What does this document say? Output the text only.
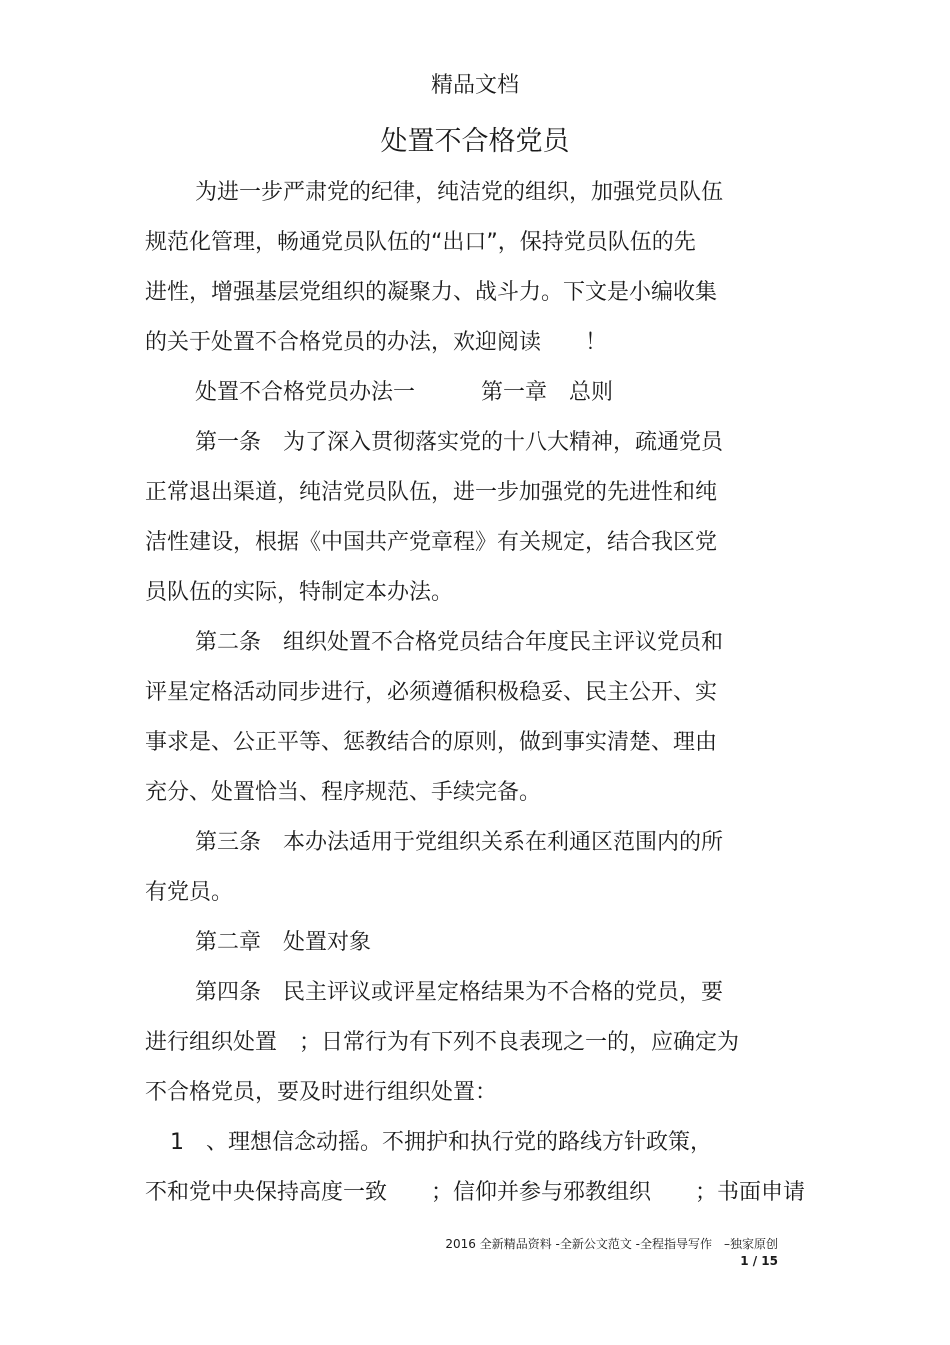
精品文档
处置不合格党员
为进一步严肃党的纪律，纯洁党的组织，加强党员队伍
规范化管理，畅通党员队伍的“出口”，保持党员队伍的先
进性，增强基层党组织的凝聚力、战斗力。下文是小编收集
的关于处置不合格党员的办法，欢迎阅读　　！
处置不合格党员办法一　　　第一章　总则
第一条　为了深入贯彻落实党的十八大精神，疏通党员
正常退出渠道，纯洁党员队伍，进一步加强党的先进性和纯
洁性建设，根据《中国共产党章程》有关规定，结合我区党
员队伍的实际，特制定本办法。
第二条　组织处置不合格党员结合年度民主评议党员和
评星定格活动同步进行，必须遵循积极稳妥、民主公开、实
事求是、公正平等、惩教结合的原则，做到事实清楚、理由
充分、处置恰当、程序规范、手续完备。
第三条　本办法适用于党组织关系在利通区范围内的所
有党员。
第二章　处置对象
第四条　民主评议或评星定格结果为不合格的党员，要
进行组织处置　；日常行为有下列不良表现之一的，应确定为
不合格党员，要及时进行组织处置：
1　、理想信念动摇。不拥护和执行党的路线方针政策，
不和党中央保持高度一致　　；信仰并参与邪教组织　　；书面申请
2016 全新精品资料 -全新公文范文 -全程指导写作　–独家原创
1 / 15
